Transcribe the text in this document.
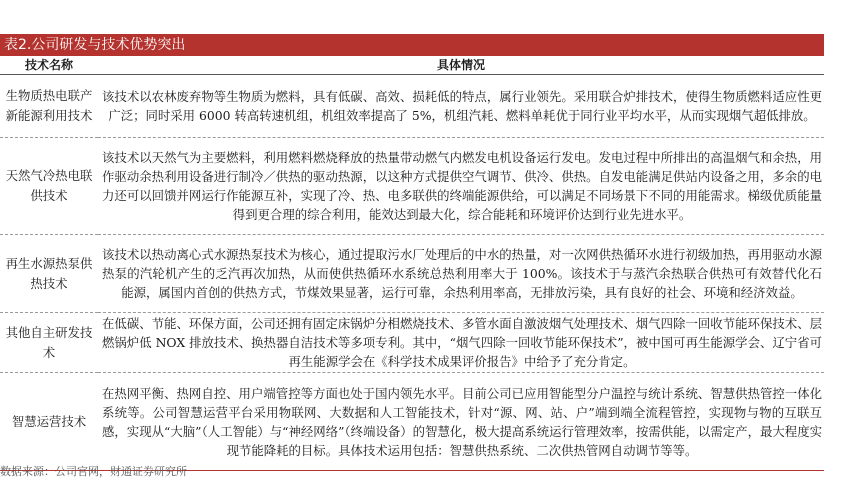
表2.公司研发与技术优势突出
技术名称	具体情况
生物质热电联产新能源利用技术	该技术以农林废弃物等生物质为燃料，具有低碳、高效、损耗低的特点，属行业领先。采用联合炉排技术，使得生物质燃料适应性更广泛；同时采用 6000 转高转速机组，机组效率提高了 5%，机组汽耗、燃料单耗优于同行业平均水平，从而实现烟气超低排放。
天然气冷热电联供技术	该技术以天然气为主要燃料，利用燃料燃烧释放的热量带动燃气内燃发电机设备运行发电。发电过程中所排出的高温烟气和余热，用作驱动余热利用设备进行制冷／供热的驱动热源，以这种方式提供空气调节、供冷、供热。自发电能满足供站内设备之用，多余的电力还可以回馈并网运行作能源互补，实现了冷、热、电多联供的终端能源供给，可以满足不同场景下不同的用能需求。梯级优质能量得到更合理的综合利用，能效达到最大化，综合能耗和环境评价达到行业先进水平。
再生水源热泵供热技术	该技术以热动离心式水源热泵技术为核心，通过提取污水厂处理后的中水的热量，对一次网供热循环水进行初级加热，再用驱动水源热泵的汽轮机产生的乏汽再次加热，从而使供热循环水系统总热利用率大于 100%。该技术于与蒸汽余热联合供热可有效替代化石能源，属国内首创的供热方式，节煤效果显著，运行可靠，余热利用率高，无排放污染，具有良好的社会、环境和经济效益。
其他自主研发技术	在低碳、节能、环保方面，公司还拥有固定床锅炉分相燃烧技术、多管水面自激波烟气处理技术、烟气四除一回收节能环保技术、层燃锅炉低 NOX 排放技术、换热器自洁技术等多项专利。其中，“烟气四除一回收节能环保技术”，被中国可再生能源学会、辽宁省可再生能源学会在《科学技术成果评价报告》中给予了充分肯定。
智慧运营技术	在热网平衡、热网自控、用户端管控等方面也处于国内领先水平。目前公司已应用智能型分户温控与统计系统、智慧供热管控一体化系统等。公司智慧运营平台采用物联网、大数据和人工智能技术，针对“源、网、站、户”端到端全流程管控，实现物与物的互联互感，实现从“大脑”（人工智能）与“神经网络”（终端设备）的智慧化，极大提高系统运行管理效率，按需供能，以需定产，最大程度实现节能降耗的目标。具体技术运用包括：智慧供热系统、二次供热管网自动调节等等。
数据来源：公司官网，财通证券研究所
